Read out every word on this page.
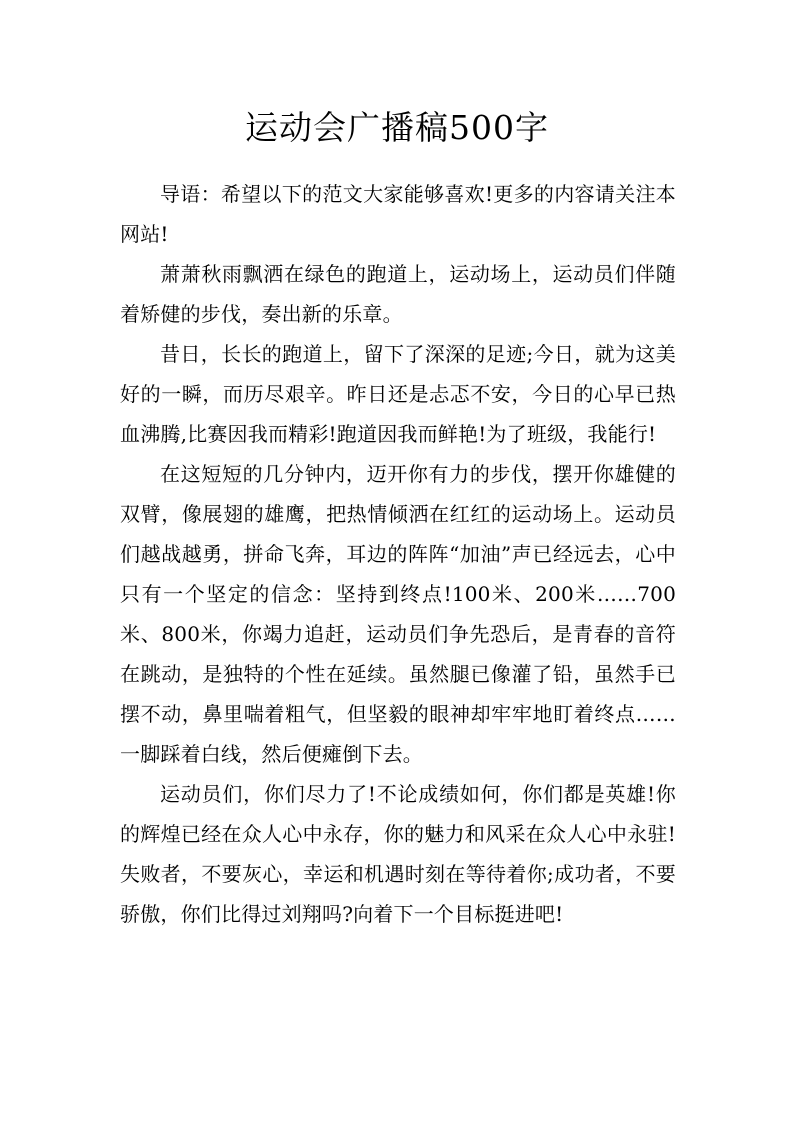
运动会广播稿500字

导语：希望以下的范文大家能够喜欢!更多的内容请关注本网站!

萧萧秋雨飘洒在绿色的跑道上，运动场上，运动员们伴随着矫健的步伐，奏出新的乐章。

昔日，长长的跑道上，留下了深深的足迹;今日，就为这美好的一瞬，而历尽艰辛。昨日还是忐忑不安，今日的心早已热血沸腾,比赛因我而精彩!跑道因我而鲜艳!为了班级，我能行!

在这短短的几分钟内，迈开你有力的步伐，摆开你雄健的双臂，像展翅的雄鹰，把热情倾洒在红红的运动场上。运动员们越战越勇，拼命飞奔，耳边的阵阵“加油”声已经远去，心中只有一个坚定的信念：坚持到终点!100米、200米……700米、800米，你竭力追赶，运动员们争先恐后，是青春的音符在跳动，是独特的个性在延续。虽然腿已像灌了铅，虽然手已摆不动，鼻里喘着粗气，但坚毅的眼神却牢牢地盯着终点……一脚踩着白线，然后便瘫倒下去。

运动员们，你们尽力了!不论成绩如何，你们都是英雄!你的辉煌已经在众人心中永存，你的魅力和风采在众人心中永驻!失败者，不要灰心，幸运和机遇时刻在等待着你;成功者，不要骄傲，你们比得过刘翔吗?向着下一个目标挺进吧!
